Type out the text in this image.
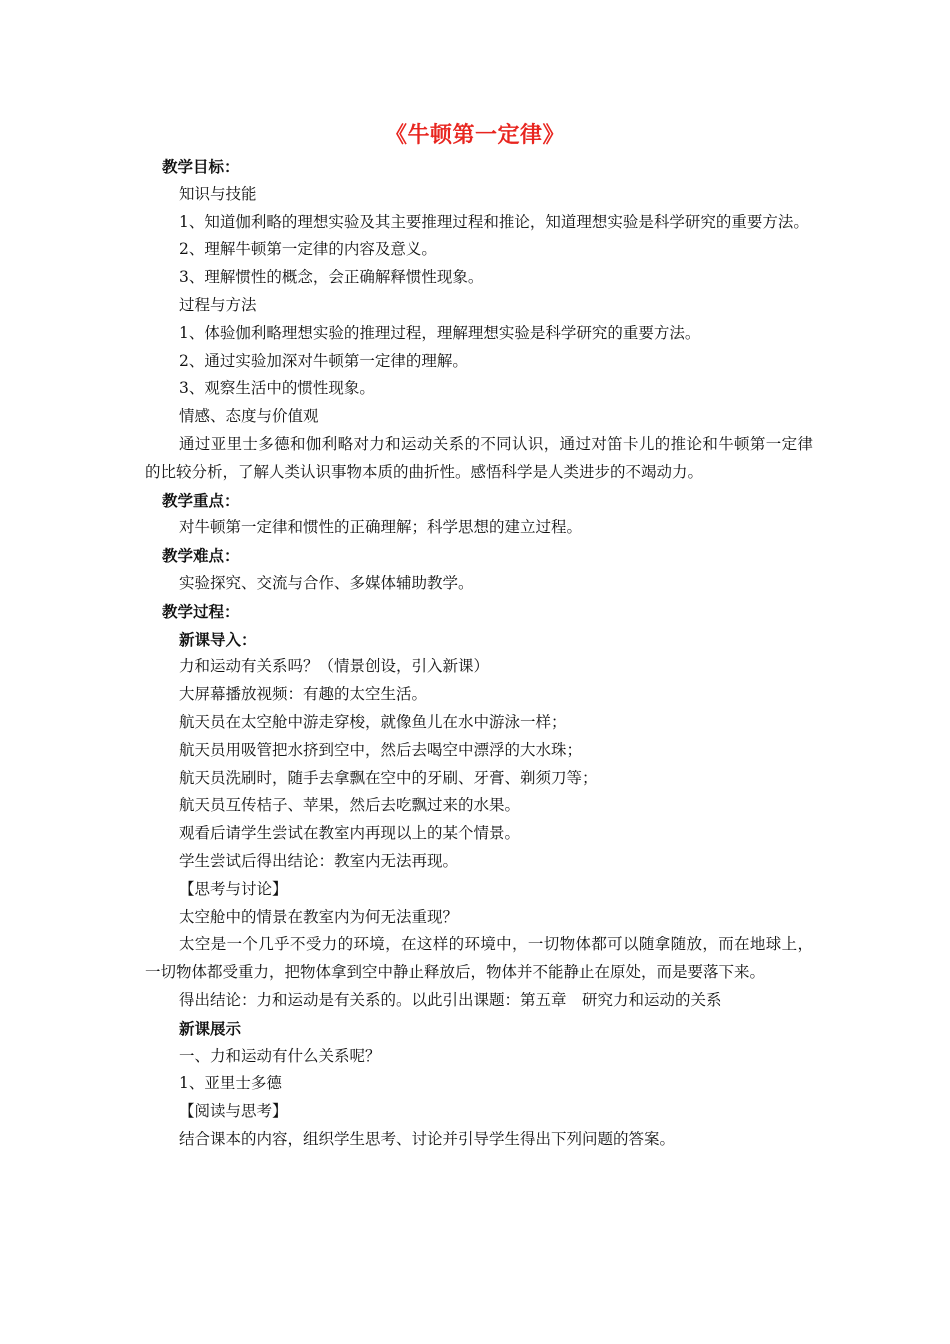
《牛顿第一定律》

教学目标：

知识与技能

1、知道伽利略的理想实验及其主要推理过程和推论，知道理想实验是科学研究的重要方法。

2、理解牛顿第一定律的内容及意义。

3、理解惯性的概念，会正确解释惯性现象。

过程与方法

1、体验伽利略理想实验的推理过程，理解理想实验是科学研究的重要方法。

2、通过实验加深对牛顿第一定律的理解。

3、观察生活中的惯性现象。

情感、态度与价值观

通过亚里士多德和伽利略对力和运动关系的不同认识，通过对笛卡儿的推论和牛顿第一定律的比较分析，了解人类认识事物本质的曲折性。感悟科学是人类进步的不竭动力。

教学重点：

对牛顿第一定律和惯性的正确理解；科学思想的建立过程。

教学难点：

实验探究、交流与合作、多媒体辅助教学。

教学过程：

新课导入：

力和运动有关系吗？（情景创设，引入新课）

大屏幕播放视频：有趣的太空生活。

航天员在太空舱中游走穿梭，就像鱼儿在水中游泳一样；

航天员用吸管把水挤到空中，然后去喝空中漂浮的大水珠；

航天员洗刷时，随手去拿飘在空中的牙刷、牙膏、剃须刀等；

航天员互传桔子、苹果，然后去吃飘过来的水果。

观看后请学生尝试在教室内再现以上的某个情景。

学生尝试后得出结论：教室内无法再现。

【思考与讨论】

太空舱中的情景在教室内为何无法重现？

太空是一个几乎不受力的环境，在这样的环境中，一切物体都可以随拿随放，而在地球上，一切物体都受重力，把物体拿到空中静止释放后，物体并不能静止在原处，而是要落下来。

得出结论：力和运动是有关系的。以此引出课题：第五章　研究力和运动的关系

新课展示

一、力和运动有什么关系呢？

1、亚里士多德

【阅读与思考】

结合课本的内容，组织学生思考、讨论并引导学生得出下列问题的答案。
